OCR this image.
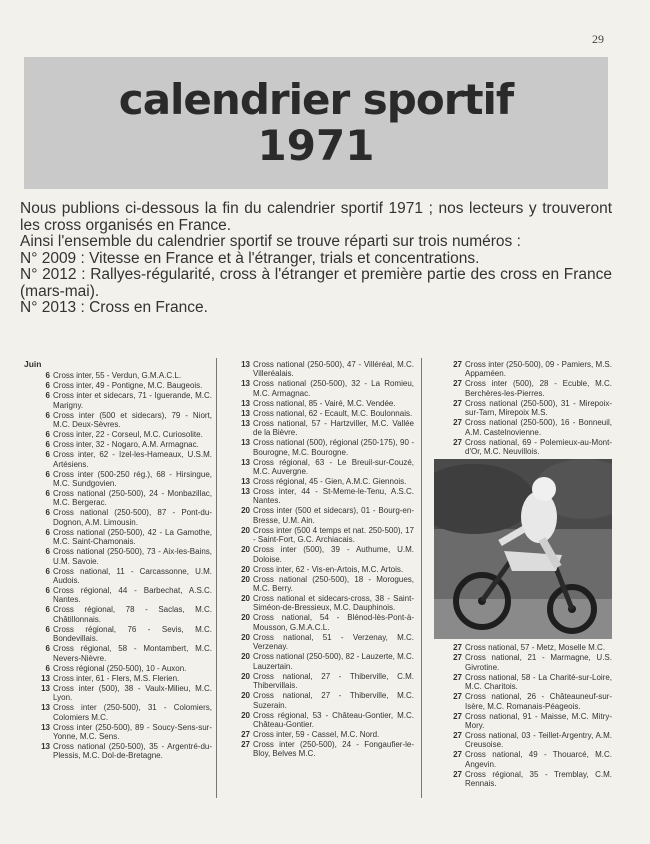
29
calendrier sportif
1971

Nous publions ci-dessous la fin du calendrier sportif 1971 ; nos lecteurs y trouveront les cross organisés en France.

Ainsi l'ensemble du calendrier sportif se trouve réparti sur trois numéros :

N° 2009 : Vitesse en France et à l'étranger, trials et concentrations.

N° 2012 : Rallyes-régularité, cross à l'étranger et première partie des cross en France (mars-mai).

N° 2013 : Cross en France.

Juin
6 Cross inter, 55 - Verdun, G.M.A.C.L.
6 Cross inter, 49 - Pontigne, M.C. Baugeois.
6 Cross inter et sidecars, 71 - Iguerande, M.C. Marigny.
6 Cross inter (500 et sidecars), 79 - Niort, M.C. Deux-Sèvres.
6 Cross inter, 22 - Corseul, M.C. Curiosolite.
6 Cross inter, 32 - Nogaro, A.M. Armagnac.
6 Cross inter, 62 - Izel-les-Hameaux, U.S.M. Artésiens.
6 Cross inter (500-250 rég.), 68 - Hirsingue, M.C. Sundgovien.
6 Cross national (250-500), 24 - Monbazillac, M.C. Bergerac.
6 Cross national (250-500), 87 - Pont-du-Dognon, A.M. Limousin.
6 Cross national (250-500), 42 - La Gamothe, M.C. Saint-Chamonais.
6 Cross national (250-500), 73 - Aix-les-Bains, U.M. Savoie.
6 Cross national, 11 - Carcassonne, U.M. Audois.
6 Cross régional, 44 - Barbechat, A.S.C. Nantes.
6 Cross régional, 78 - Saclas, M.C. Châtillonnais.
6 Cross régional, 76 - Sevis, M.C. Bondevillais.
6 Cross régional, 58 - Montambert, M.C. Nevers-Nièvre.
6 Cross régional (250-500), 10 - Auxon.
13 Cross inter, 61 - Flers, M.S. Flerien.
13 Cross inter (500), 38 - Vaulx-Milieu, M.C. Lyon.
13 Cross inter (250-500), 31 - Colomiers, Colomiers M.C.
13 Cross inter (250-500), 89 - Soucy-Sens-sur-Yonne, M.C. Sens.
13 Cross national (250-500), 35 - Argentré-du-Plessis, M.C. Dol-de-Bretagne.
13 Cross national (250-500), 47 - Villéréal, M.C. Villeréalais.
13 Cross national (250-500), 32 - La Romieu, M.C. Armagnac.
13 Cross national, 85 - Vairé, M.C. Vendée.
13 Cross national, 62 - Ecault, M.C. Boulonnais.
13 Cross national, 57 - Hartzviller, M.C. Vallée de la Bièvre.
13 Cross national (500), régional (250-175), 90 - Bourogne, M.C. Bourogne.
13 Cross régional, 63 - Le Breuil-sur-Couzé, M.C. Auvergne.
13 Cross régional, 45 - Gien, A.M.C. Giennois.
13 Cross inter, 44 - St-Meme-le-Tenu, A.S.C. Nantes.
20 Cross inter (500 et sidecars), 01 - Bourg-en-Bresse, U.M. Ain.
20 Cross inter (500 4 temps et nat. 250-500), 17 - Saint-Fort, G.C. Archiacais.
20 Cross inter (500), 39 - Authume, U.M. Doloise.
20 Cross inter, 62 - Vis-en-Artois, M.C. Artois.
20 Cross national (250-500), 18 - Morogues, M.C. Berry.
20 Cross national et sidecars-cross, 38 - Saint-Siméon-de-Bressieux, M.C. Dauphinois.
20 Cross national, 54 - Blénod-lès-Pont-à-Mousson, G.M.A.C.L.
20 Cross national, 51 - Verzenay, M.C. Verzenay.
20 Cross national (250-500), 82 - Lauzerte, M.C. Lauzertain.
20 Cross national, 27 - Thiberville, C.M. Thibervillais.
20 Cross national, 27 - Thiberville, M.C. Suzerain.
20 Cross régional, 53 - Château-Gontier, M.C. Château-Gontier.
27 Cross inter, 59 - Cassel, M.C. Nord.
27 Cross inter (250-500), 24 - Fongaufier-le-Bloy, Belves M.C.
27 Cross inter (250-500), 09 - Pamiers, M.S. Appaméen.
27 Cross inter (500), 28 - Ecuble, M.C. Berchères-les-Pierres.
27 Cross national (250-500), 31 - Mirepoix-sur-Tarn, Mirepoix M.S.
27 Cross national (250-500), 16 - Bonneuil, A.M. Castelnovienne.
27 Cross national, 69 - Polemieux-au-Mont-d'Or, M.C. Neuvillois.
27 Cross national, 57 - Metz, Moselle M.C.
27 Cross national, 21 - Marmagne, U.S. Givrotine.
27 Cross national, 58 - La Charité-sur-Loire, M.C. Charitois.
27 Cross national, 26 - Châteauneuf-sur-Isère, M.C. Romanais-Péageois.
27 Cross national, 91 - Maisse, M.C. Mitry-Mory.
27 Cross national, 03 - Teillet-Argentry, A.M. Creusoise.
27 Cross national, 49 - Thouarcé, M.C. Angevin.
27 Cross régional, 35 - Tremblay, C.M. Rennais.
